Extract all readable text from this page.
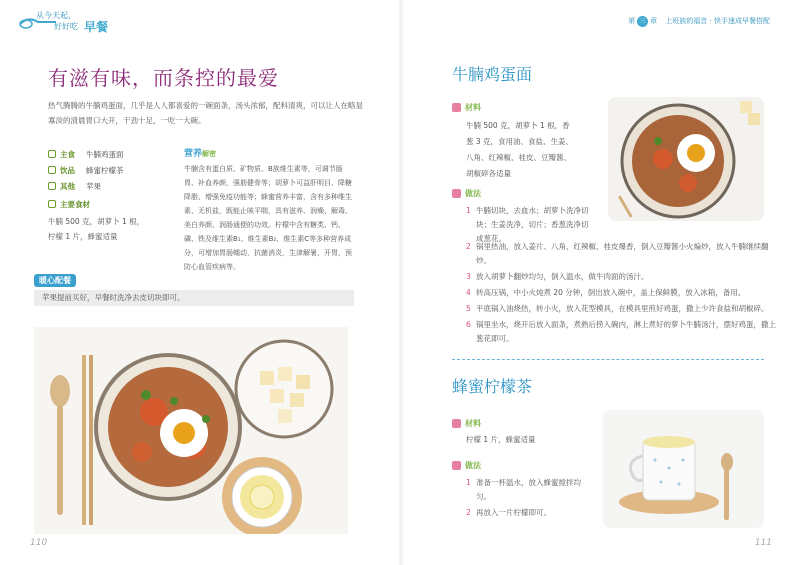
从今天起，
好好吃 早餐	第 三 章 上班族的福音 · 快手速成早餐搭配
有滋有味，而条控的最爱
热气腾腾的牛腩鸡蛋面，几乎是人人都喜爱的一碗面条，汤头浓郁，配料清爽，可以让人在略显寡淡的清晨胃口大开，干劲十足，一吃一大碗。
主食	牛腩鸡蛋面
饮品	蜂蜜柠檬茶
其他	苹果
主要食材
牛腩 500 克，胡萝卜 1 根，柠檬 1 片，蜂蜜适量
营养解密
牛腩含有蛋白质、矿物质、B族维生素等，可调节肠胃、补血养颜，强筋健骨等；胡萝卜可益肝明目、降糖降脂、增强免疫功能等；蜂蜜营养丰富，含有多种维生素、无机盐，既能止咳平喘，具有滋养、润燥、解毒、美白养颜、润肠通便的功效。柠檬中含有糖类、钙、磷、铁及维生素B₁、维生素B₂、维生素C等多种营养成分，可增加胃肠蠕动，抗菌消炎，生津解暑，开胃，预防心血管疾病等。
暖心配餐
苹果提前买好，早餐时洗净去皮切块即可。
110
牛腩鸡蛋面
材料
牛腩 500 克，胡萝卜 1 根，香
葱 3 克，食用油、食盐、生姜、
八角、红辣椒、桂皮、豆瓣酱、
胡椒碎各适量
做法
1 牛腩切块，去血水；胡萝卜洗净切块；生姜洗净，切片；香葱洗净切成葱花。
2 锅里热油，放入姜片、八角、红辣椒、桂皮爆香，倒入豆瓣酱小火煸炒，放入牛腩继续翻炒。
3 放入胡萝卜翻炒均匀，倒入温水，做牛肉面的汤汁。
4 转高压锅，中小火炖煮 20 分钟，倒出放入碗中，盖上保鲜膜，放入冰箱，备用。
5 平底锅入油烧热，转小火，放入花型模具，在模具里煎好鸡蛋，撒上少许食盐和胡椒碎。
6 锅里坐水，烧开后放入面条，煮熟后捞入碗内，淋上煮好的萝卜牛腩汤汁，摆好鸡蛋，撒上葱花即可。
蜂蜜柠檬茶
材料
柠檬 1 片，蜂蜜适量
做法
1 准备一杯温水，放入蜂蜜搅拌均匀。
2 再放入一片柠檬即可。
111
